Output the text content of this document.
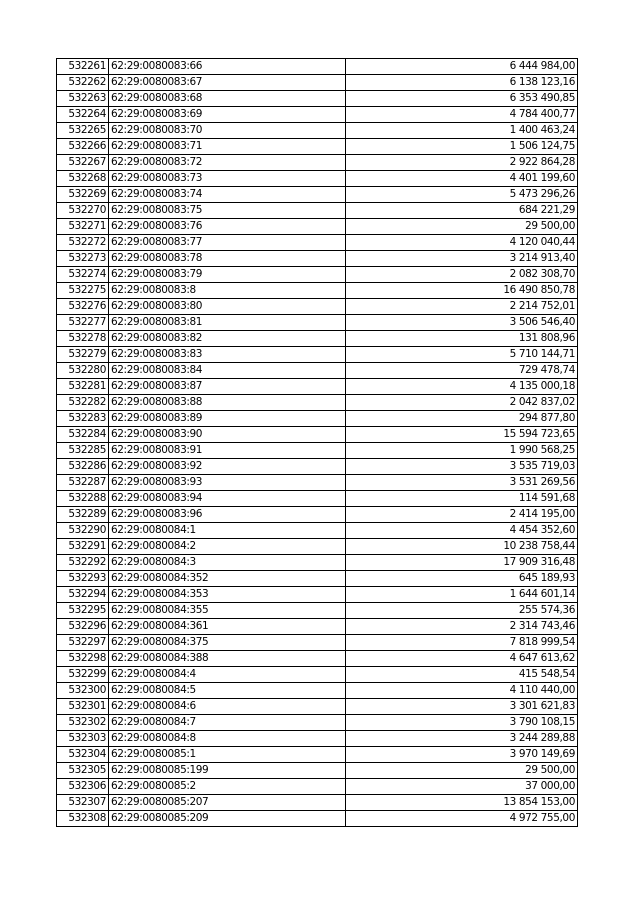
532261	62:29:0080083:66	6 444 984,00
532262	62:29:0080083:67	6 138 123,16
532263	62:29:0080083:68	6 353 490,85
532264	62:29:0080083:69	4 784 400,77
532265	62:29:0080083:70	1 400 463,24
532266	62:29:0080083:71	1 506 124,75
532267	62:29:0080083:72	2 922 864,28
532268	62:29:0080083:73	4 401 199,60
532269	62:29:0080083:74	5 473 296,26
532270	62:29:0080083:75	684 221,29
532271	62:29:0080083:76	29 500,00
532272	62:29:0080083:77	4 120 040,44
532273	62:29:0080083:78	3 214 913,40
532274	62:29:0080083:79	2 082 308,70
532275	62:29:0080083:8	16 490 850,78
532276	62:29:0080083:80	2 214 752,01
532277	62:29:0080083:81	3 506 546,40
532278	62:29:0080083:82	131 808,96
532279	62:29:0080083:83	5 710 144,71
532280	62:29:0080083:84	729 478,74
532281	62:29:0080083:87	4 135 000,18
532282	62:29:0080083:88	2 042 837,02
532283	62:29:0080083:89	294 877,80
532284	62:29:0080083:90	15 594 723,65
532285	62:29:0080083:91	1 990 568,25
532286	62:29:0080083:92	3 535 719,03
532287	62:29:0080083:93	3 531 269,56
532288	62:29:0080083:94	114 591,68
532289	62:29:0080083:96	2 414 195,00
532290	62:29:0080084:1	4 454 352,60
532291	62:29:0080084:2	10 238 758,44
532292	62:29:0080084:3	17 909 316,48
532293	62:29:0080084:352	645 189,93
532294	62:29:0080084:353	1 644 601,14
532295	62:29:0080084:355	255 574,36
532296	62:29:0080084:361	2 314 743,46
532297	62:29:0080084:375	7 818 999,54
532298	62:29:0080084:388	4 647 613,62
532299	62:29:0080084:4	415 548,54
532300	62:29:0080084:5	4 110 440,00
532301	62:29:0080084:6	3 301 621,83
532302	62:29:0080084:7	3 790 108,15
532303	62:29:0080084:8	3 244 289,88
532304	62:29:0080085:1	3 970 149,69
532305	62:29:0080085:199	29 500,00
532306	62:29:0080085:2	37 000,00
532307	62:29:0080085:207	13 854 153,00
532308	62:29:0080085:209	4 972 755,00
